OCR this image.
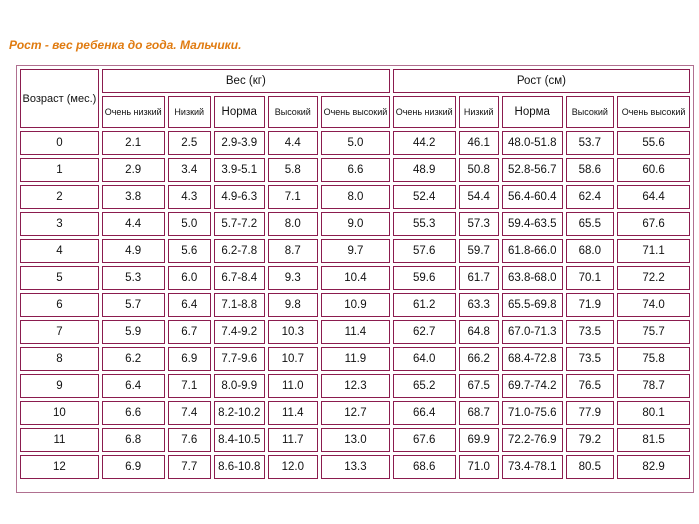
Рост - вес ребенка до года. Мальчики.
Возраст (мес.)	Вес (кг)					Рост (см)				
	Очень низкий	Низкий	Норма	Высокий	Очень высокий	Очень низкий	Низкий	Норма	Высокий	Очень высокий
0	2.1	2.5	2.9-3.9	4.4	5.0	44.2	46.1	48.0-51.8	53.7	55.6
1	2.9	3.4	3.9-5.1	5.8	6.6	48.9	50.8	52.8-56.7	58.6	60.6
2	3.8	4.3	4.9-6.3	7.1	8.0	52.4	54.4	56.4-60.4	62.4	64.4
3	4.4	5.0	5.7-7.2	8.0	9.0	55.3	57.3	59.4-63.5	65.5	67.6
4	4.9	5.6	6.2-7.8	8.7	9.7	57.6	59.7	61.8-66.0	68.0	71.1
5	5.3	6.0	6.7-8.4	9.3	10.4	59.6	61.7	63.8-68.0	70.1	72.2
6	5.7	6.4	7.1-8.8	9.8	10.9	61.2	63.3	65.5-69.8	71.9	74.0
7	5.9	6.7	7.4-9.2	10.3	11.4	62.7	64.8	67.0-71.3	73.5	75.7
8	6.2	6.9	7.7-9.6	10.7	11.9	64.0	66.2	68.4-72.8	73.5	75.8
9	6.4	7.1	8.0-9.9	11.0	12.3	65.2	67.5	69.7-74.2	76.5	78.7
10	6.6	7.4	8.2-10.2	11.4	12.7	66.4	68.7	71.0-75.6	77.9	80.1
11	6.8	7.6	8.4-10.5	11.7	13.0	67.6	69.9	72.2-76.9	79.2	81.5
12	6.9	7.7	8.6-10.8	12.0	13.3	68.6	71.0	73.4-78.1	80.5	82.9
